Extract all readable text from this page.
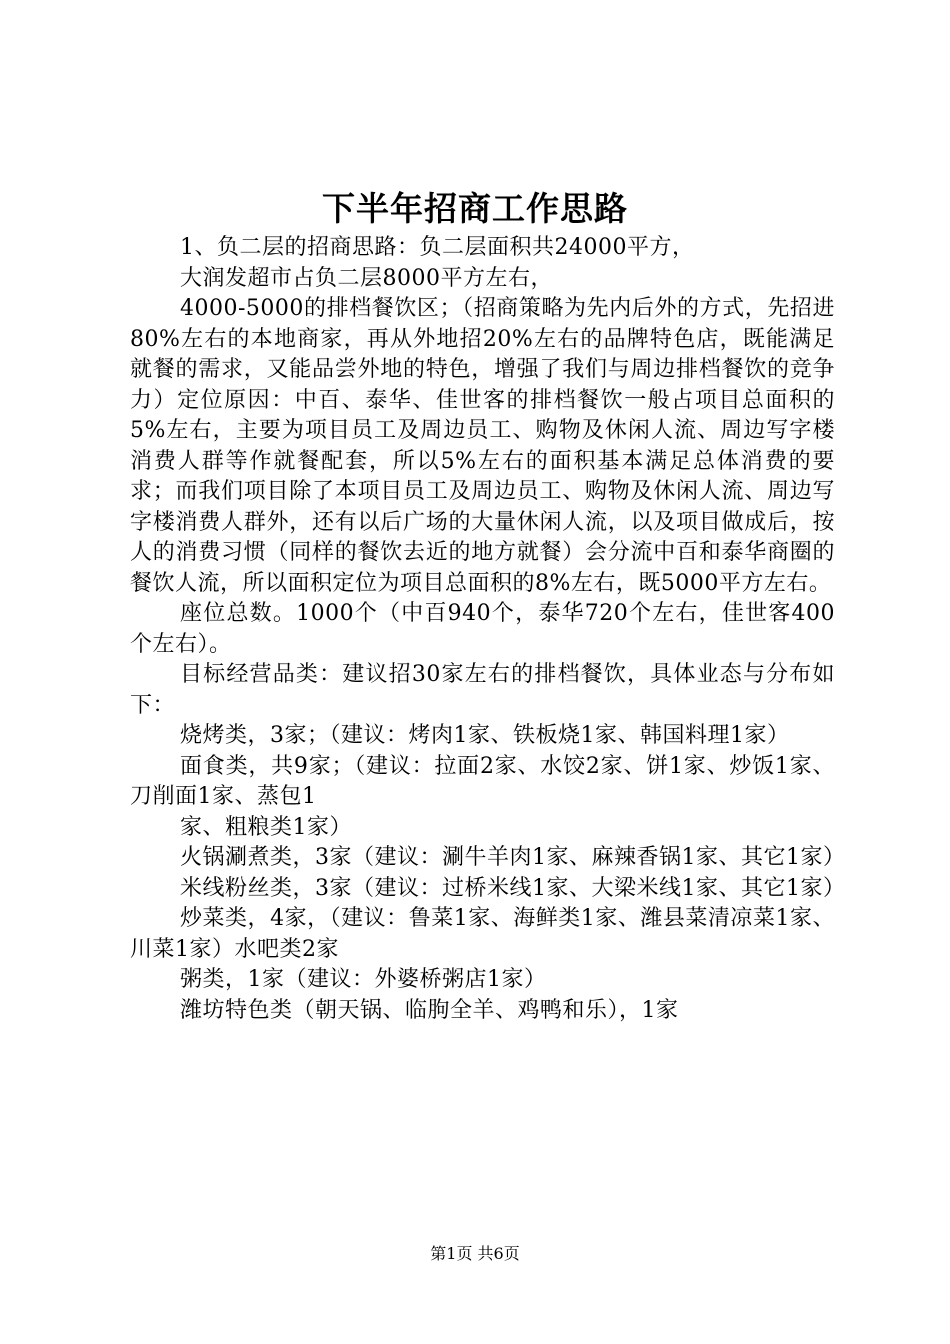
下半年招商工作思路

1、负二层的招商思路：负二层面积共24000平方，

大润发超市占负二层8000平方左右，

4000-5000的排档餐饮区；（招商策略为先内后外的方式，先招进80%左右的本地商家，再从外地招20%左右的品牌特色店，既能满足就餐的需求，又能品尝外地的特色，增强了我们与周边排档餐饮的竞争力）定位原因：中百、泰华、佳世客的排档餐饮一般占项目总面积的5%左右，主要为项目员工及周边员工、购物及休闲人流、周边写字楼消费人群等作就餐配套，所以5%左右的面积基本满足总体消费的要求；而我们项目除了本项目员工及周边员工、购物及休闲人流、周边写字楼消费人群外，还有以后广场的大量休闲人流，以及项目做成后，按人的消费习惯（同样的餐饮去近的地方就餐）会分流中百和泰华商圈的餐饮人流，所以面积定位为项目总面积的8%左右，既5000平方左右。

座位总数。1000个（中百940个，泰华720个左右，佳世客400个左右）。

目标经营品类：建议招30家左右的排档餐饮，具体业态与分布如下：

烧烤类，3家；（建议：烤肉1家、铁板烧1家、韩国料理1家）

面食类，共9家；（建议：拉面2家、水饺2家、饼1家、炒饭1家、刀削面1家、蒸包1

家、粗粮类1家）

火锅涮煮类，3家（建议：涮牛羊肉1家、麻辣香锅1家、其它1家）

米线粉丝类，3家（建议：过桥米线1家、大梁米线1家、其它1家）

炒菜类，4家，（建议：鲁菜1家、海鲜类1家、潍县菜清凉菜1家、川菜1家）水吧类2家

粥类，1家（建议：外婆桥粥店1家）

潍坊特色类（朝天锅、临朐全羊、鸡鸭和乐），1家

第1页 共6页
